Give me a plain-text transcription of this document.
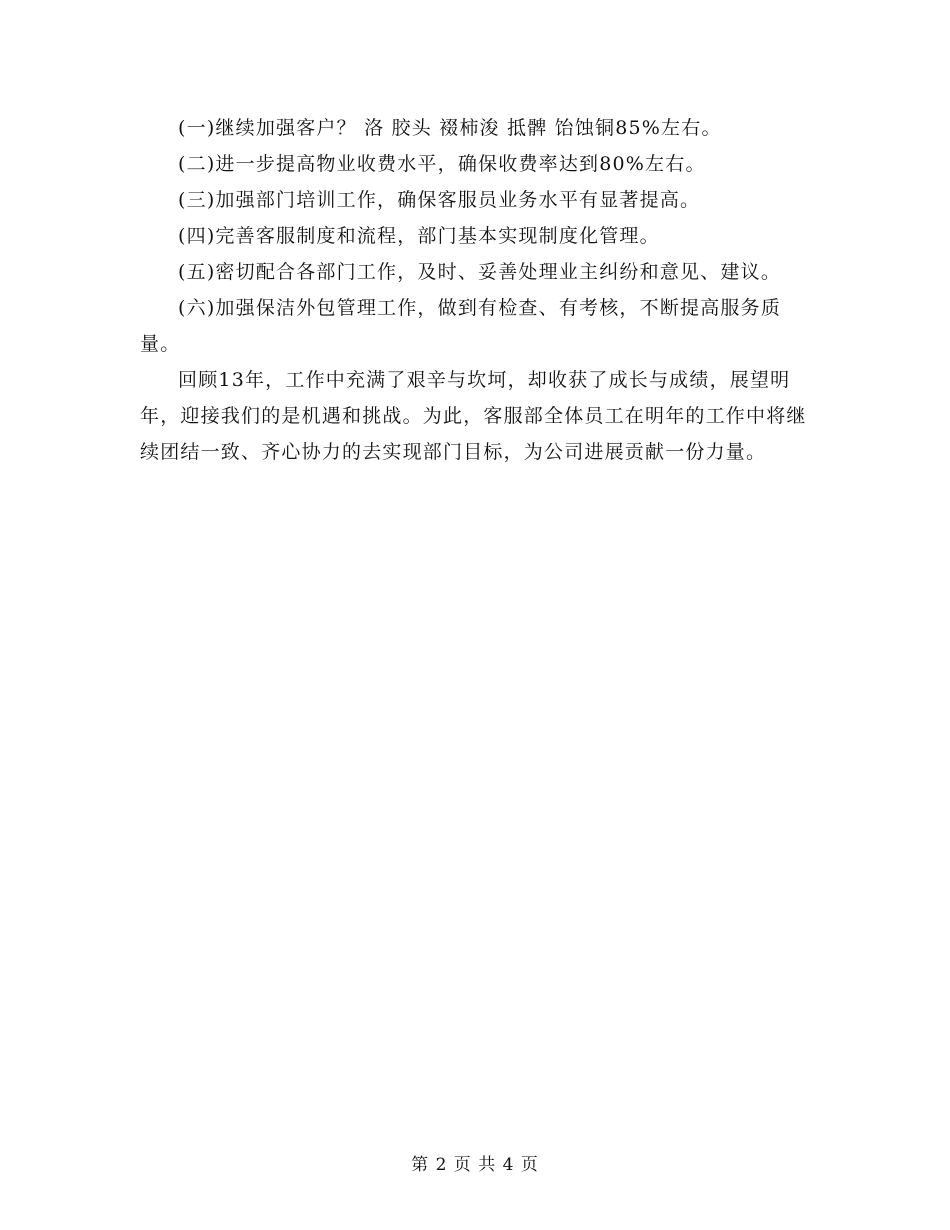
(一)继续加强客户？ 洛 胶头 裰柿浚 抵髀 饴蚀铜85%左右。

(二)进一步提高物业收费水平，确保收费率达到80%左右。

(三)加强部门培训工作，确保客服员业务水平有显著提高。

(四)完善客服制度和流程，部门基本实现制度化管理。

(五)密切配合各部门工作，及时、妥善处理业主纠纷和意见、建议。

(六)加强保洁外包管理工作，做到有检查、有考核，不断提高服务质量。

回顾13年，工作中充满了艰辛与坎坷，却收获了成长与成绩，展望明年，迎接我们的是机遇和挑战。为此，客服部全体员工在明年的工作中将继续团结一致、齐心协力的去实现部门目标，为公司进展贡献一份力量。

第 2 页 共 4 页
